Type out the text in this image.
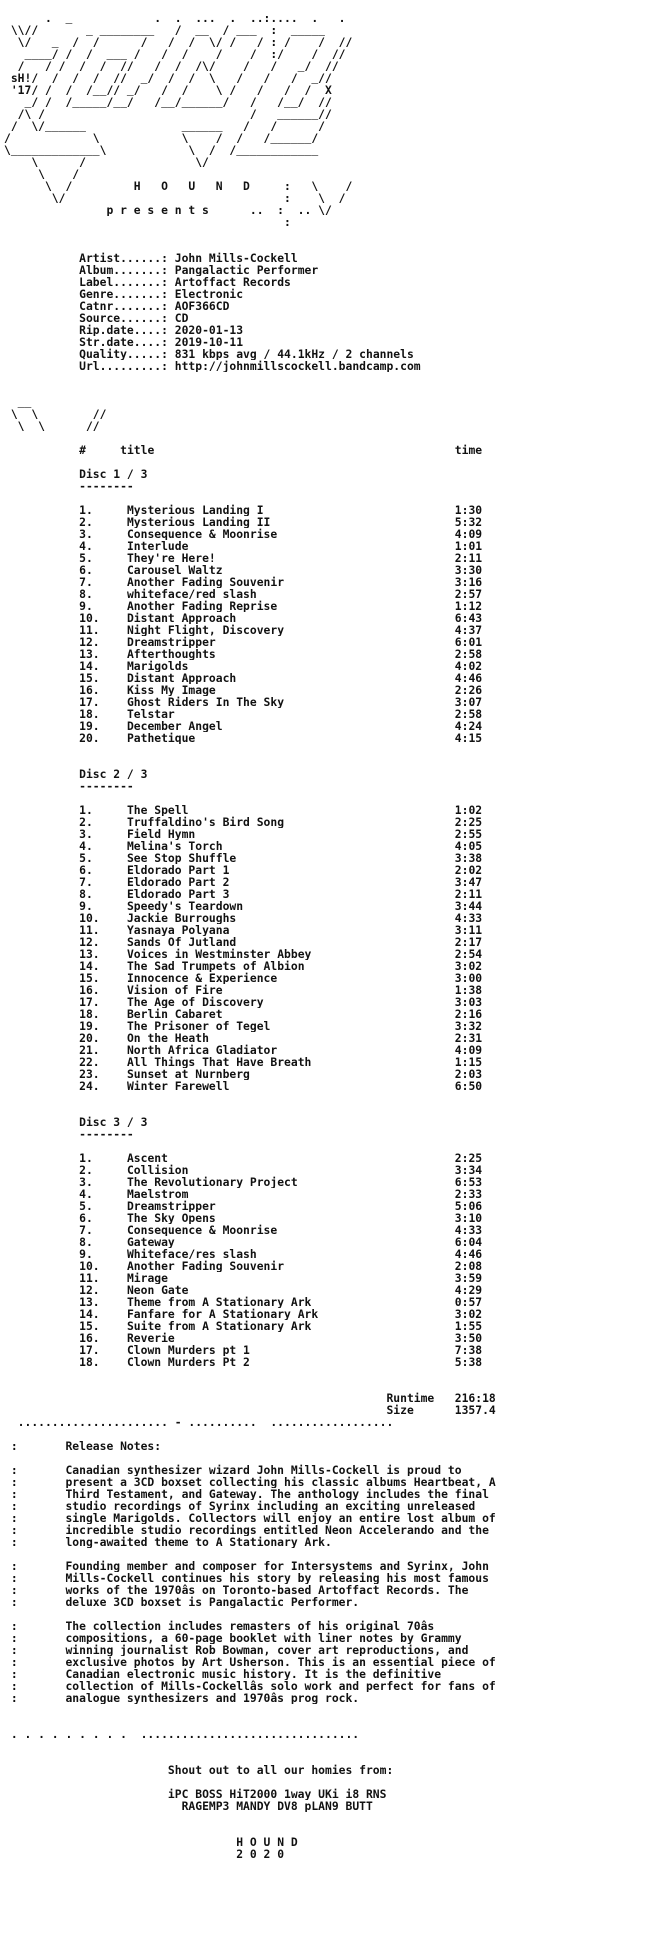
.  _            .  .  ...  .  ..:....  .   .
\\//       _ ________   /  __  / ___  :  _____
\/   _  /  /      /   /  /  \/ /   / : /    /  //
____/ /  /  ___ /   /  /    /    /  :/    /  //
/   / /  /  /  //   /  /  /\/    /   /   _/  //
sH!/  /  /  /  //  _/  /  /  \   /   /   /  _//
'17/ /  /  /__// _/   /  /    \ /   /   /  /  X
_/ /  /_____/__/   /__/______/   /   /__/  //
/\ /                              /   ______//
/  \/______              ______   /   /      /
/            \            \    /  /   /______/
\_____________\            \  /  /____________
\      /                \/
\    /
\  /         H   O   U   N   D     :   \    /
\/                                :    \  /
p r e s e n t s      ..  :  .. \/
:

Artist......: John Mills-Cockell
Album.......: Pangalactic Performer
Label.......: Artoffact Records
Genre.......: Electronic
Catnr.......: AOF366CD
Source......: CD
Rip.date....: 2020-01-13
Str.date....: 2019-10-11
Quality.....: 831 kbps avg / 44.1kHz / 2 channels
Url.........: http://johnmillscockell.bandcamp.com

__
\  \        //
\  \      //

#	title	time

Disc 1 / 3
--------

1.	Mysterious Landing I	1:30
2.	Mysterious Landing II	5:32
3.	Consequence & Moonrise	4:09
4.	Interlude	1:01
5.	They're Here!	2:11
6.	Carousel Waltz	3:30
7.	Another Fading Souvenir	3:16
8.	whiteface/red slash	2:57
9.	Another Fading Reprise	1:12
10. Distant Approach	6:43
11. Night Flight, Discovery	4:37
12. Dreamstripper	6:01
13. Afterthoughts	2:58
14. Marigolds	4:02
15. Distant Approach	4:46
16. Kiss My Image	2:26
17. Ghost Riders In The Sky	3:07
18. Telstar	2:58
19. December Angel	4:24
20. Pathetique	4:15

Disc 2 / 3
--------

1.	The Spell	1:02
2.	Truffaldino's Bird Song	2:25
3.	Field Hymn	2:55
4.	Melina's Torch	4:05
5.	See Stop Shuffle	3:38
6.	Eldorado Part 1	2:02
7.	Eldorado Part 2	3:47
8.	Eldorado Part 3	2:11
9.	Speedy's Teardown	3:44
10. Jackie Burroughs	4:33
11. Yasnaya Polyana	3:11
12. Sands Of Jutland	2:17
13. Voices in Westminster Abbey	2:54
14. The Sad Trumpets of Albion	3:02
15. Innocence & Experience	3:00
16. Vision of Fire	1:38
17. The Age of Discovery	3:03
18. Berlin Cabaret	2:16
19. The Prisoner of Tegel	3:32
20. On the Heath	2:31
21. North Africa Gladiator	4:09
22. All Things That Have Breath	1:15
23. Sunset at Nurnberg	2:03
24. Winter Farewell	6:50

Disc 3 / 3
--------

1.	Ascent	2:25
2.	Collision	3:34
3.	The Revolutionary Project	6:53
4.	Maelstrom	2:33
5.	Dreamstripper	5:06
6.	The Sky Opens	3:10
7.	Consequence & Moonrise	4:33
8.	Gateway	6:04
9.	Whiteface/res slash	4:46
10. Another Fading Souvenir	2:08
11. Mirage	3:59
12. Neon Gate	4:29
13. Theme from A Stationary Ark	0:57
14. Fanfare for A Stationary Ark	3:02
15. Suite from A Stationary Ark	1:55
16. Reverie	3:50
17. Clown Murders pt 1	7:38
18. Clown Murders Pt 2	5:38

Runtime 216:18
Size	1357.4
...................... - ..........  ..................

:       Release Notes:

:       Canadian synthesizer wizard John Mills-Cockell is proud to
:       present a 3CD boxset collecting his classic albums Heartbeat, A
:       Third Testament, and Gateway. The anthology includes the final
:       studio recordings of Syrinx including an exciting unreleased
:       single Marigolds. Collectors will enjoy an entire lost album of
:       incredible studio recordings entitled Neon Accelerando and the
:       long-awaited theme to A Stationary Ark.

:       Founding member and composer for Intersystems and Syrinx, John
:       Mills-Cockell continues his story by releasing his most famous
:       works of the 1970âs on Toronto-based Artoffact Records. The
:       deluxe 3CD boxset is Pangalactic Performer.

:       The collection includes remasters of his original 70âs
:       compositions, a 60-page booklet with liner notes by Grammy
:       winning journalist Rob Bowman, cover art reproductions, and
:       exclusive photos by Art Usherson. This is an essential piece of
:       Canadian electronic music history. It is the definitive
:       collection of Mills-Cockellâs solo work and perfect for fans of
:       analogue synthesizers and 1970âs prog rock.

. . . . . . . . .  ................................

Shout out to all our homies from:

iPC BOSS HiT2000 1way UKi i8 RNS
RAGEMP3 MANDY DV8 pLAN9 BUTT

H O U N D
2 0 2 0
